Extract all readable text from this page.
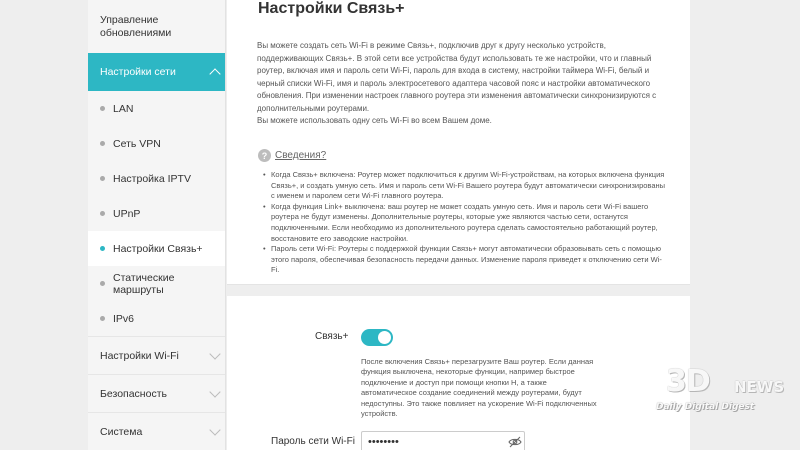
Управление обновлениями
Настройки сети
LAN
Сеть VPN
Настройка IPTV
UPnP
Настройки Связь+
Статические маршруты
IPv6
Настройки Wi-Fi
Безопасность
Система
Настройки Связь+

Вы можете создать сеть Wi-Fi в режиме Связь+, подключив друг к другу несколько устройств, поддерживающих Связь+. В этой сети все устройства будут использовать те же настройки, что и главный роутер, включая имя и пароль сети Wi-Fi, пароль для входа в систему, настройки таймера Wi-Fi, белый и черный списки Wi-Fi, имя и пароль электросетевого адаптера часовой пояс и настройки автоматического обновления. При изменении настроек главного роутера эти изменения автоматически синхронизируются с дополнительными роутерами.

Вы можете использовать одну сеть Wi-Fi во всем Вашем доме.

? Сведения?
• Когда Связь+ включена: Роутер может подключиться к другим Wi-Fi-устройствам, на которых включена функция Связь+, и создать умную сеть. Имя и пароль сети Wi-Fi Вашего роутера будут автоматически синхронизированы с именем и паролем сети Wi-Fi главного роутера.
• Когда функция Link+ выключена: ваш роутер не может создать умную сеть. Имя и пароль сети Wi-Fi вашего роутера не будут изменены. Дополнительные роутеры, которые уже являются частью сети, останутся подключенными. Если необходимо из дополнительного роутера сделать самостоятельно работающий роутер, восстановите его заводские настройки.
• Пароль сети Wi-Fi: Роутеры с поддержкой функции Связь+ могут автоматически образовывать сеть с помощью этого пароля, обеспечивая безопасность передачи данных. Изменение пароля приведет к отключению сети Wi-Fi.
Связь+

После включения Связь+ перезагрузите Ваш роутер. Если данная функция выключена, некоторые функции, например быстрое подключение и доступ при помощи кнопки H, а также автоматическое создание соединений между роутерами, будут недоступны. Это также повлияет на ускорение Wi-Fi подключенных устройств.

Пароль сети Wi-Fi
••••••••
3D NEWS
Daily Digital Digest
